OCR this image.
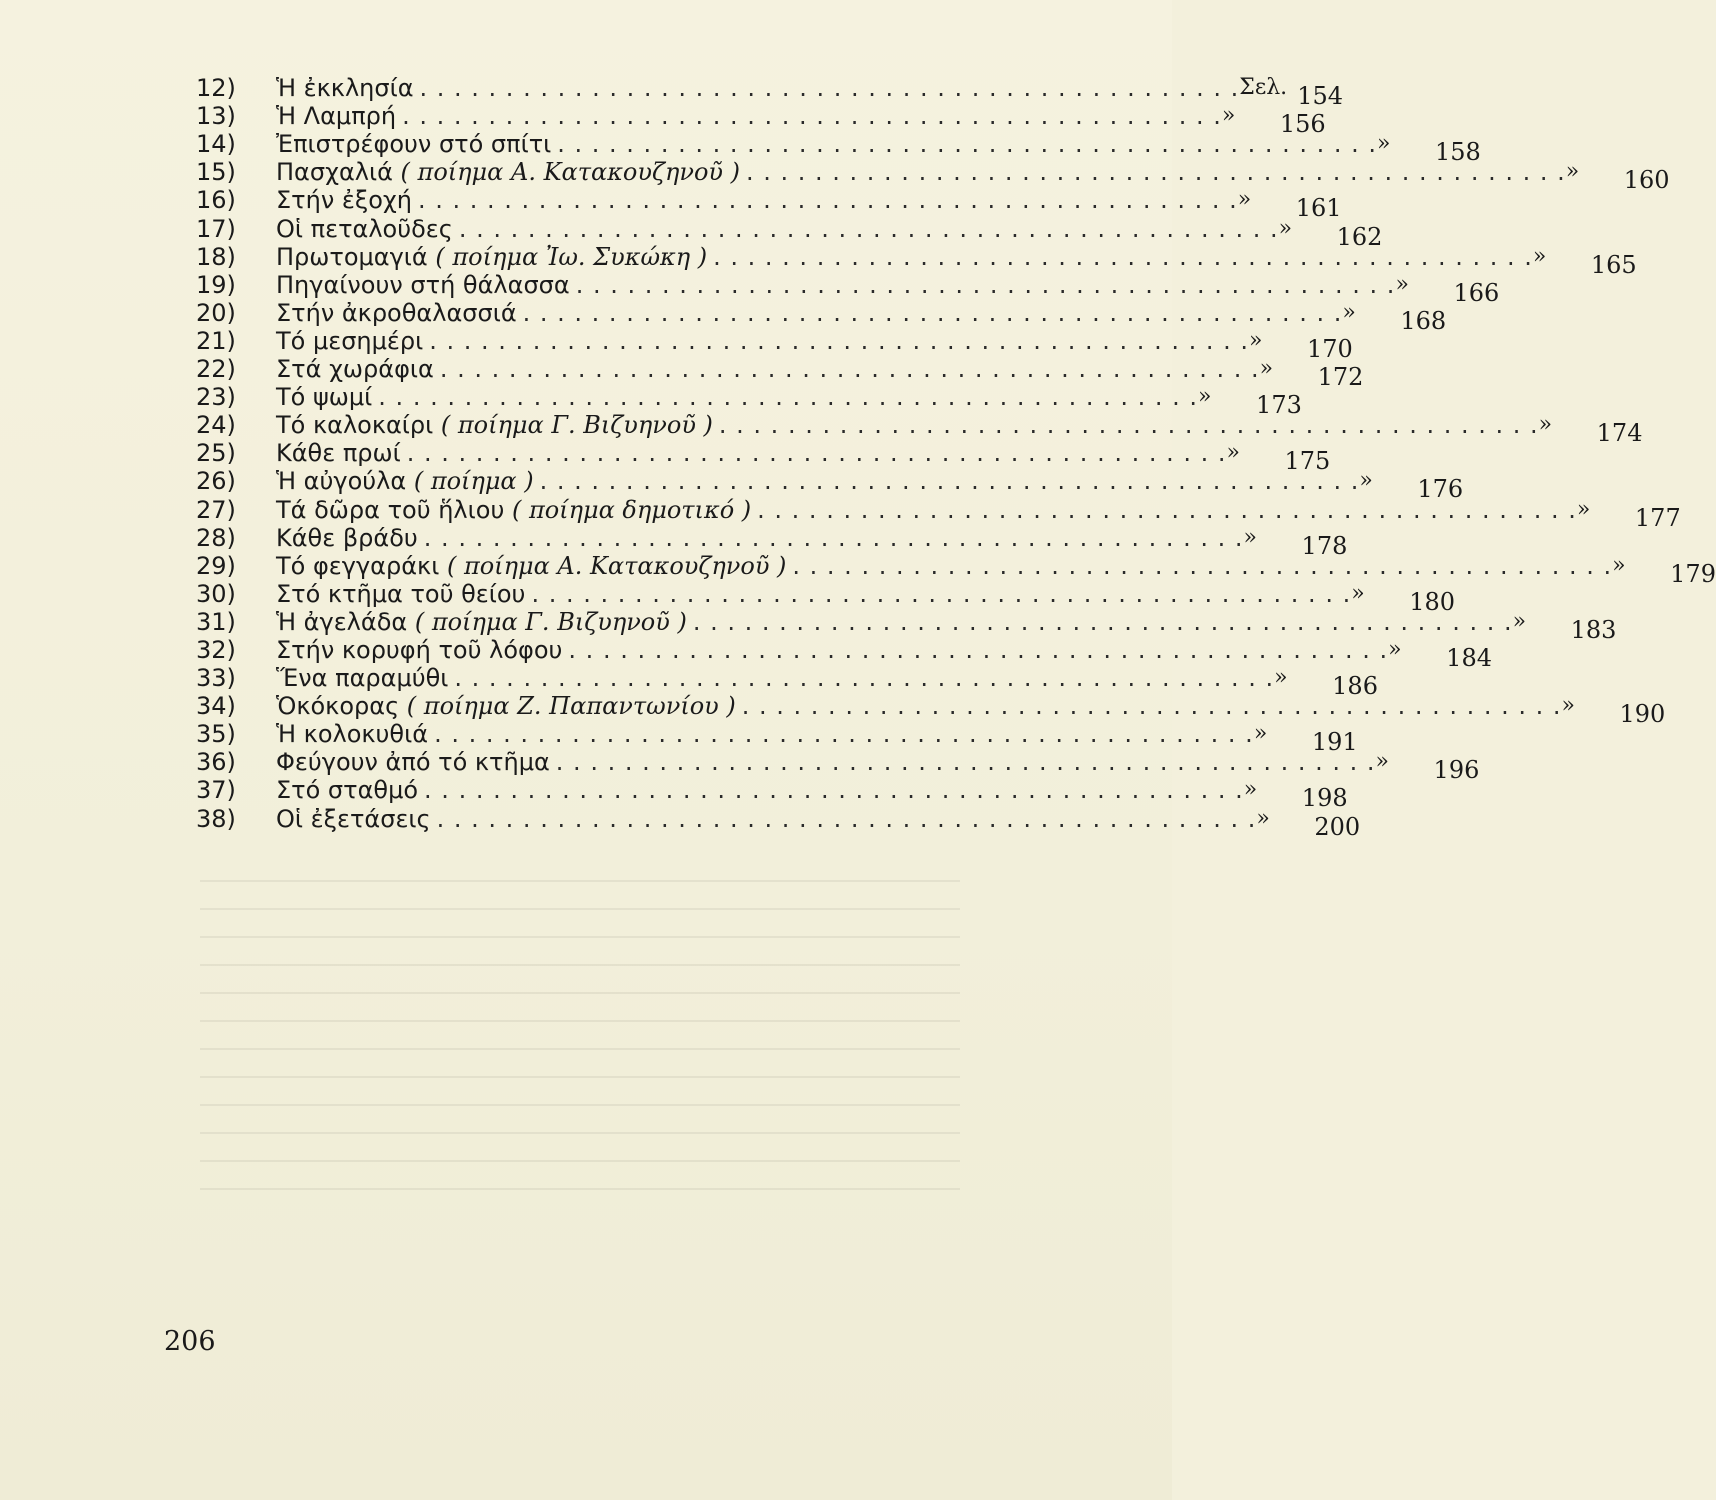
12)	Ἡ ἐκκλησία . . .	Σελ. 154
13)	Ἡ Λαμπρή . . .	»	156
14)	Ἐπιστρέφουν στό σπίτι . . .	»	158
15)	Πασχαλιά ( ποίημα Α. Κατακουζηνοῦ ) . . .	»	160
16)	Στήν ἐξοχή . . .	»	161
17)	Οἱ πεταλοῦδες . . .	»	162
18)	Πρωτομαγιά ( ποίημα Ἰω. Συκώκη ) . . .	»	165
19)	Πηγαίνουν στή θάλασσα . . .	»	166
20)	Στήν ἀκροθαλασσιά . . .	»	168
21)	Τό μεσημέρι . . .	»	170
22)	Στά χωράφια . . .	»	172
23)	Τό ψωμί . . .	»	173
24)	Τό καλοκαίρι ( ποίημα Γ. Βιζυηνοῦ ) . . .	»	174
25)	Κάθε πρωί . . .	»	175
26)	Ἡ αὐγούλα ( ποίημα ) . . .	»	176
27)	Τά δῶρα τοῦ ἥλιου ( ποίημα δημοτικό ) . . .	»	177
28)	Κάθε βράδυ . . .	»	178
29)	Τό φεγγαράκι ( ποίημα Α. Κατακουζηνοῦ ) . . .	»	179
30)	Στό κτῆμα τοῦ θείου . . .	»	180
31)	Ἡ ἀγελάδα ( ποίημα Γ. Βιζυηνοῦ ) . . .	»	183
32)	Στήν κορυφή τοῦ λόφου . . .	»	184
33)	Ἕνα παραμύθι . . .	»	186
34)	Ὁκόκορας ( ποίημα Ζ. Παπαντωνίου ) . . .	»	190
35)	Ἡ κολοκυθιά . . .	»	191
36)	Φεύγουν ἀπό τό κτῆμα . . .	»	196
37)	Στό σταθμό . . .	»	198
38)	Οἱ ἐξετάσεις . . .	»	200
206
